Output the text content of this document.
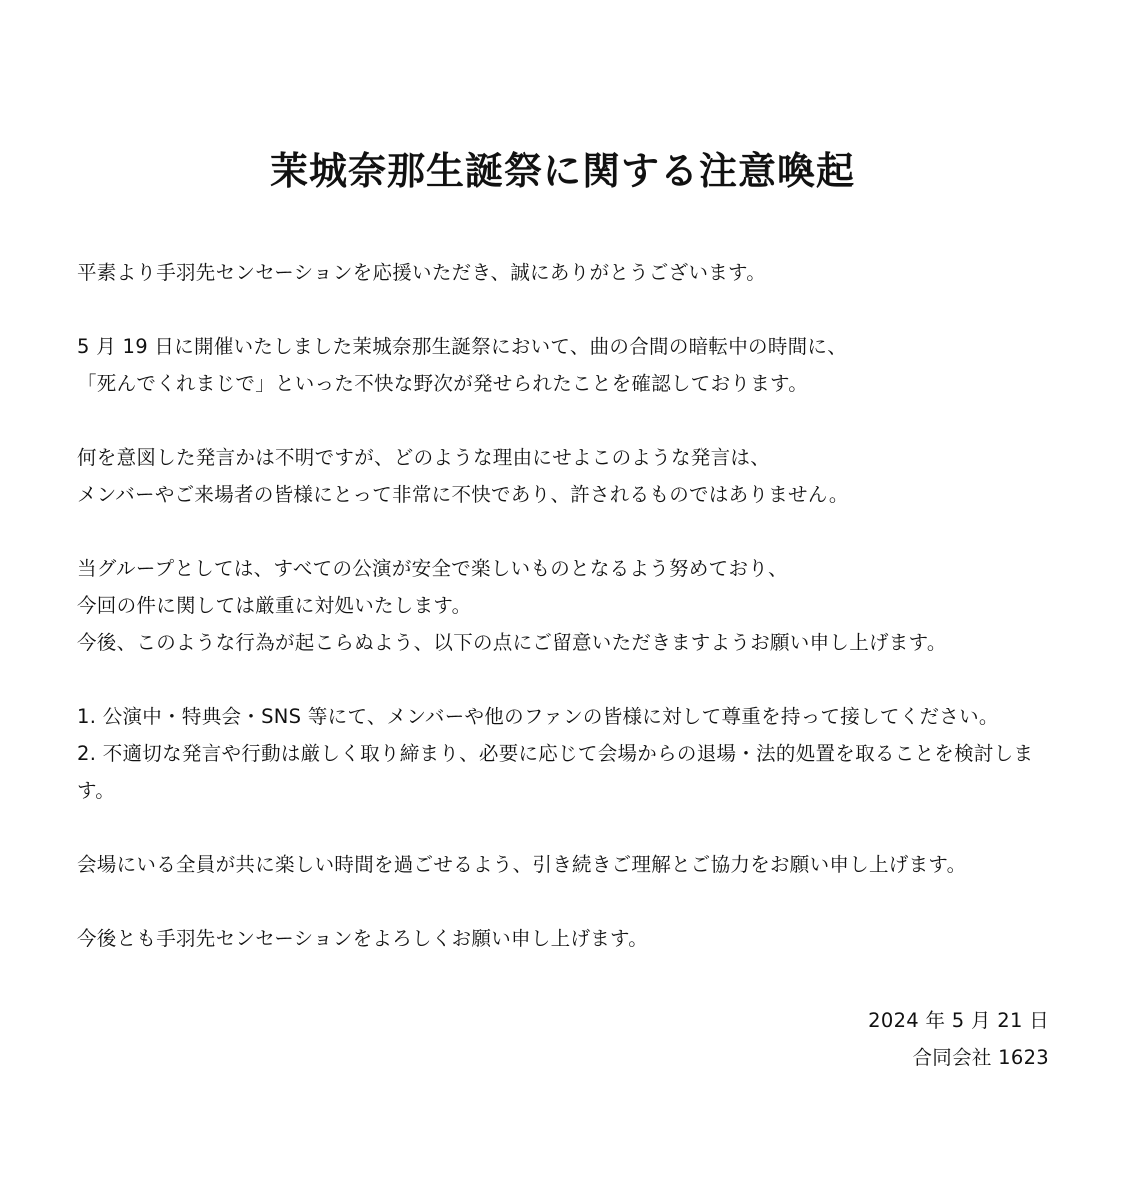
茉城奈那生誕祭に関する注意喚起

平素より手羽先センセーションを応援いただき、誠にありがとうございます。

5 月 19 日に開催いたしました茉城奈那生誕祭において、曲の合間の暗転中の時間に、
「死んでくれまじで」といった不快な野次が発せられたことを確認しております。

何を意図した発言かは不明ですが、どのような理由にせよこのような発言は、
メンバーやご来場者の皆様にとって非常に不快であり、許されるものではありません。

当グループとしては、すべての公演が安全で楽しいものとなるよう努めており、
今回の件に関しては厳重に対処いたします。
今後、このような行為が起こらぬよう、以下の点にご留意いただきますようお願い申し上げます。

1. 公演中・特典会・SNS 等にて、メンバーや他のファンの皆様に対して尊重を持って接してください。
2. 不適切な発言や行動は厳しく取り締まり、必要に応じて会場からの退場・法的処置を取ることを検討します。

会場にいる全員が共に楽しい時間を過ごせるよう、引き続きご理解とご協力をお願い申し上げます。

今後とも手羽先センセーションをよろしくお願い申し上げます。

2024 年 5 月 21 日
合同会社 1623
